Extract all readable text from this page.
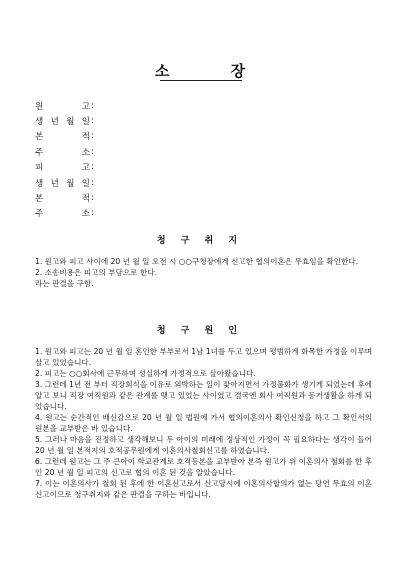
소 장
원	고 :
생 년 월 일 :
본	적 :
주	소 :
피	고 :
생 년 월 일 :
본	적 :
주	소 :
청 구 취 지

1. 원고와 피고 사이에 20 년 월 일 오전 시 ○○구청장에게 신고한 협의이혼은 무효임을 확인한다.

2. 소송비용은 피고의 부담으로 한다.

라는 판결을 구함.

청 구 원 인

1. 원고와 피고는 20 년 월 일 혼인한 부부로서 1남 1녀를 두고 있으며 평범하게 화목한 가정을 이루며 살고 있었습니다.

2. 피고는 ○○회사에 근무하며 성실하게 가정적으로 살아왔습니다.

3. 그런데 1년 전 부터 직장회식을 이유로 외박하는 일이 잦아지면서 가정불화가 생기게 되었는데 후에 알고 보니 직장 여직원과 같은 관계를 맺고 있었는 사이였고 결국엔 회사 여직원과 동거생활을 하게 되었습니다.

4. 원고는 순간적인 배신감으로 20 년 월 일 법원에 가서 협의이혼의사 확인신청을 하고 그 확인서의 원본을 교부받은 바 있습니다.

5. 그러나 마음을 진정하고 생각해보니 두 아이의 미래에 정상적인 가정이 꼭 필요하다는 생각이 들어 20 년 월 일 본적지의 호적공무원에게 이혼의사철회신고를 하였습니다.

6. 그런데 원고는 그 주 큰아이 학교관계로 호적등본을 교부받아 본즉 원고가 위 이혼의사 철회를 한 후인 20 년 월 일 피고의 신고로 협의 이혼 된 것을 알았습니다.

7. 이는 이혼의사가 철회 된 후에 한 이혼신고로서 신고당시에 이혼의사합의가 없는 당연 무효의 이혼신고이므로 청구취지와 같은 판결을 구하는 바입니다.
